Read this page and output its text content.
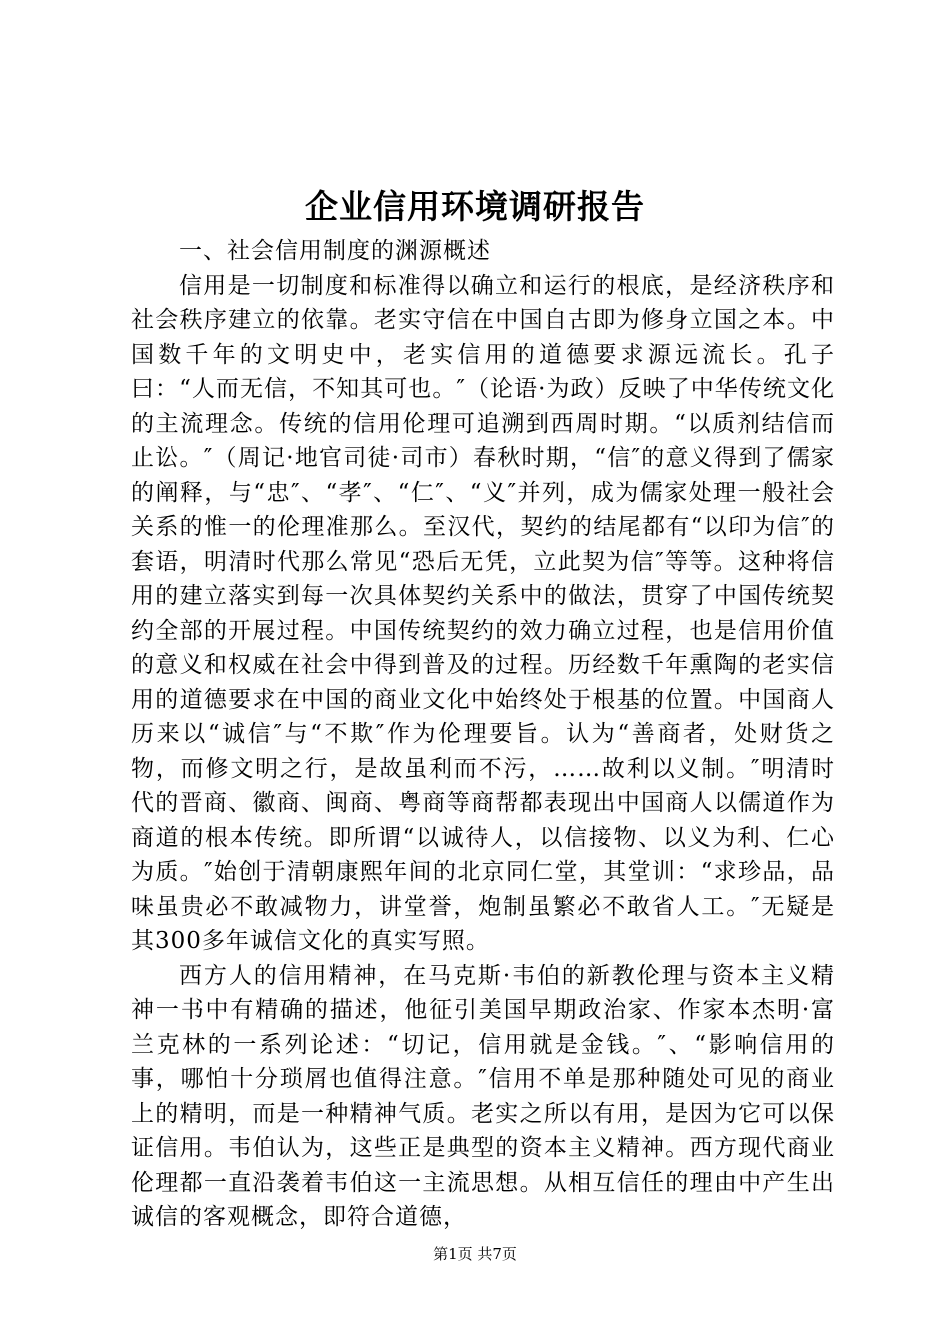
企业信用环境调研报告

一、社会信用制度的渊源概述

信用是一切制度和标准得以确立和运行的根底，是经济秩序和社会秩序建立的依靠。老实守信在中国自古即为修身立国之本。中国数千年的文明史中，老实信用的道德要求源远流长。孔子曰：“人而无信，不知其可也。″（论语·为政）反映了中华传统文化的主流理念。传统的信用伦理可追溯到西周时期。“以质剂结信而止讼。″（周记·地官司徒·司市）春秋时期，“信″的意义得到了儒家的阐释，与“忠″、“孝″、“仁″、“义″并列，成为儒家处理一般社会关系的惟一的伦理准那么。至汉代，契约的结尾都有“以印为信″的套语，明清时代那么常见“恐后无凭，立此契为信″等等。这种将信用的建立落实到每一次具体契约关系中的做法，贯穿了中国传统契约全部的开展过程。中国传统契约的效力确立过程，也是信用价值的意义和权威在社会中得到普及的过程。历经数千年熏陶的老实信用的道德要求在中国的商业文化中始终处于根基的位置。中国商人历来以“诚信″与“不欺″作为伦理要旨。认为“善商者，处财货之物，而修文明之行，是故虽利而不污，……故利以义制。″明清时代的晋商、徽商、闽商、粤商等商帮都表现出中国商人以儒道作为商道的根本传统。即所谓“以诚待人，以信接物、以义为利、仁心为质。″始创于清朝康熙年间的北京同仁堂，其堂训：“求珍品，品味虽贵必不敢减物力，讲堂誉，炮制虽繁必不敢省人工。″无疑是其300多年诚信文化的真实写照。

西方人的信用精神，在马克斯·韦伯的新教伦理与资本主义精神一书中有精确的描述，他征引美国早期政治家、作家本杰明·富兰克林的一系列论述：“切记，信用就是金钱。″、“影响信用的事，哪怕十分琐屑也值得注意。″信用不单是那种随处可见的商业上的精明，而是一种精神气质。老实之所以有用，是因为它可以保证信用。韦伯认为，这些正是典型的资本主义精神。西方现代商业伦理都一直沿袭着韦伯这一主流思想。从相互信任的理由中产生出诚信的客观概念，即符合道德，

第1页 共7页
